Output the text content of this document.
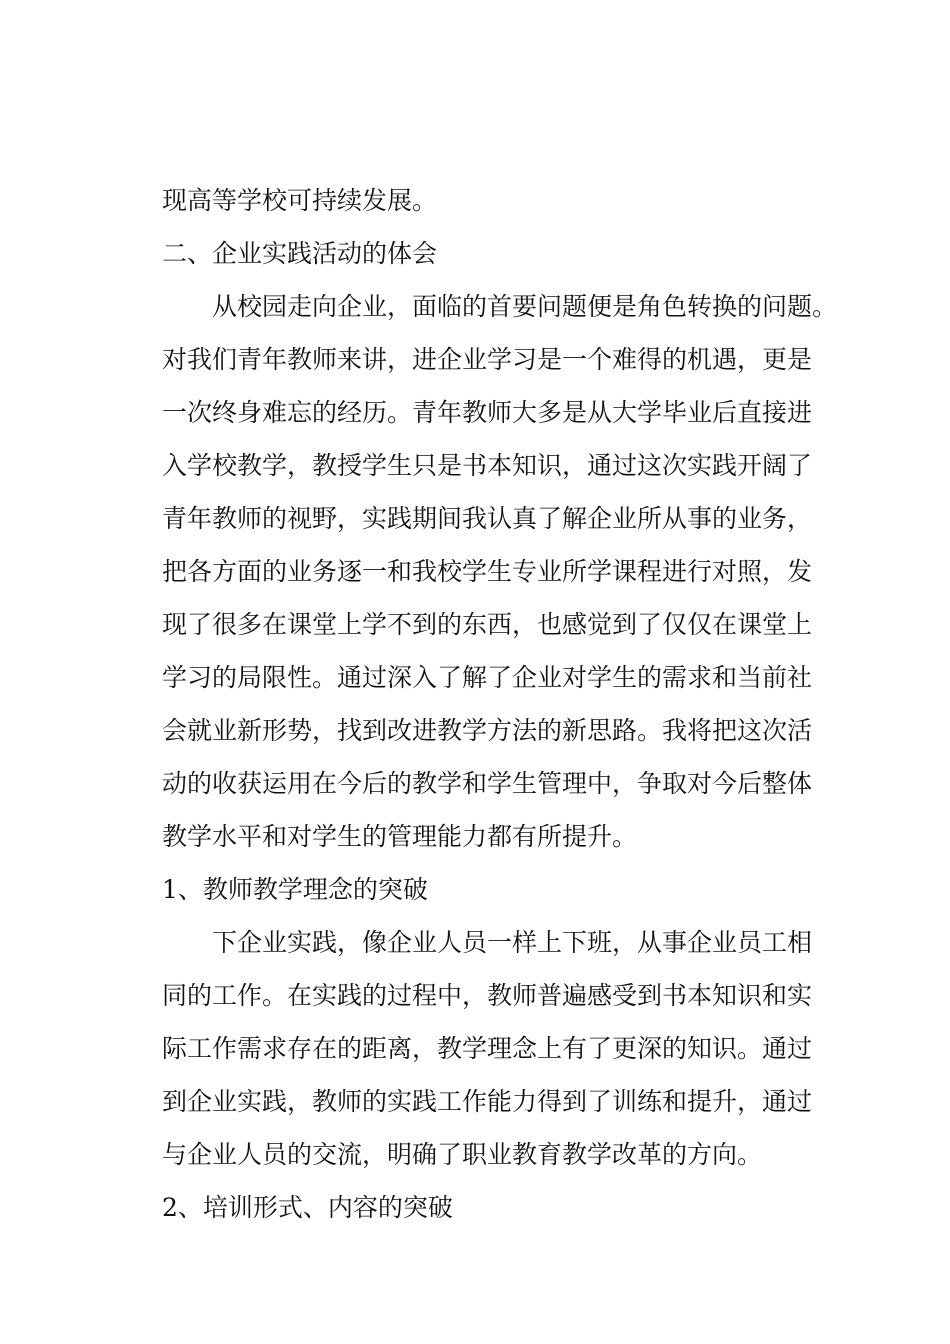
现高等学校可持续发展。
二、企业实践活动的体会
从校园走向企业，面临的首要问题便是角色转换的问题。
对我们青年教师来讲，进企业学习是一个难得的机遇，更是
一次终身难忘的经历。青年教师大多是从大学毕业后直接进
入学校教学，教授学生只是书本知识，通过这次实践开阔了
青年教师的视野，实践期间我认真了解企业所从事的业务，
把各方面的业务逐一和我校学生专业所学课程进行对照，发
现了很多在课堂上学不到的东西，也感觉到了仅仅在课堂上
学习的局限性。通过深入了解了企业对学生的需求和当前社
会就业新形势，找到改进教学方法的新思路。我将把这次活
动的收获运用在今后的教学和学生管理中，争取对今后整体
教学水平和对学生的管理能力都有所提升。
1、教师教学理念的突破
下企业实践，像企业人员一样上下班，从事企业员工相
同的工作。在实践的过程中，教师普遍感受到书本知识和实
际工作需求存在的距离，教学理念上有了更深的知识。通过
到企业实践，教师的实践工作能力得到了训练和提升，通过
与企业人员的交流，明确了职业教育教学改革的方向。
2、培训形式、内容的突破
